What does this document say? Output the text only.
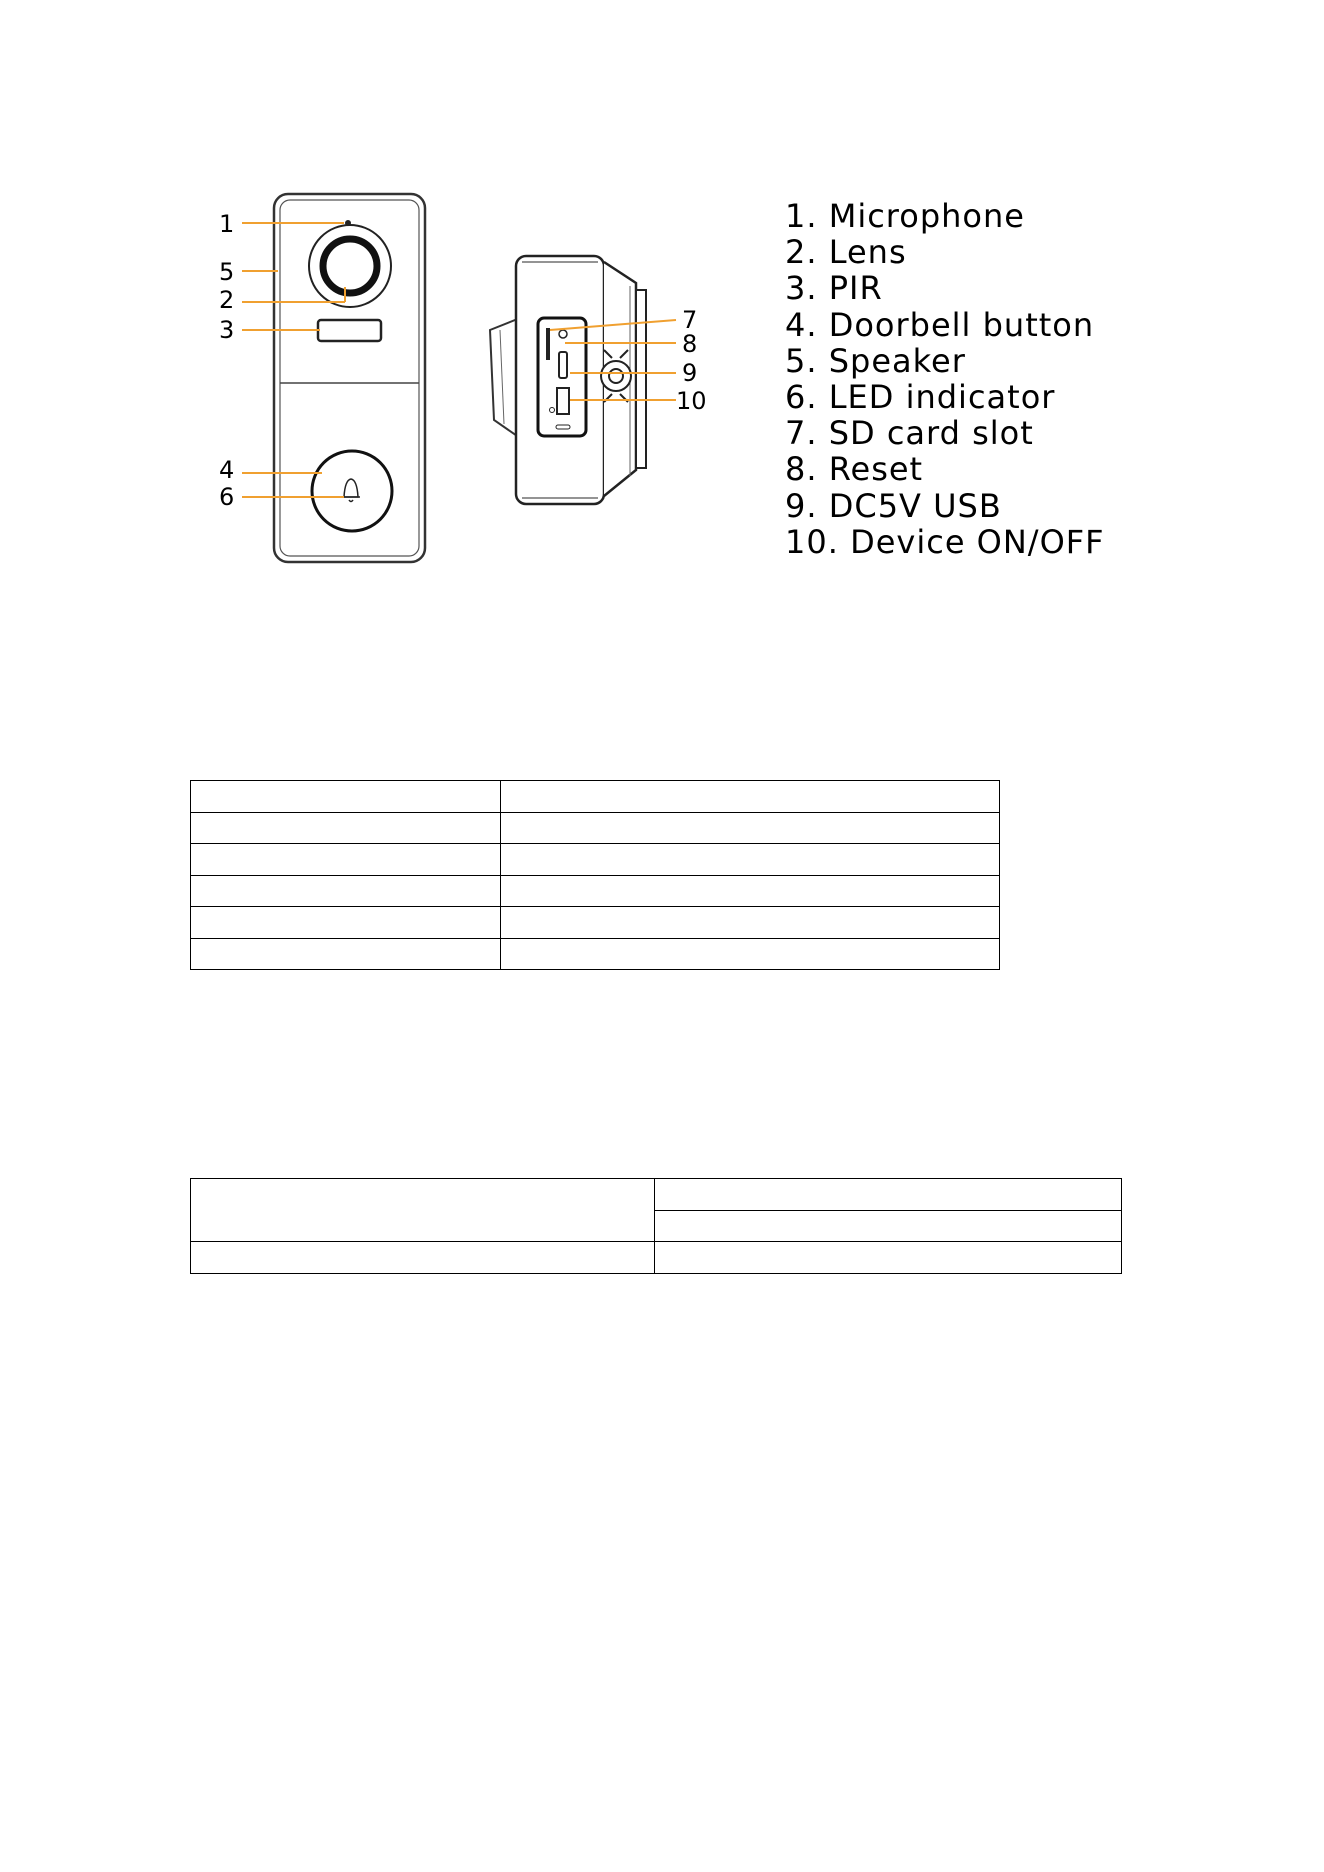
1
5
2
3
4
6
7
8
9
10
1. Microphone
2. Lens
3. PIR
4. Doorbell button
5. Speaker
6. LED indicator
7. SD card slot
8. Reset
9. DC5V USB
10. Device ON/OFF
